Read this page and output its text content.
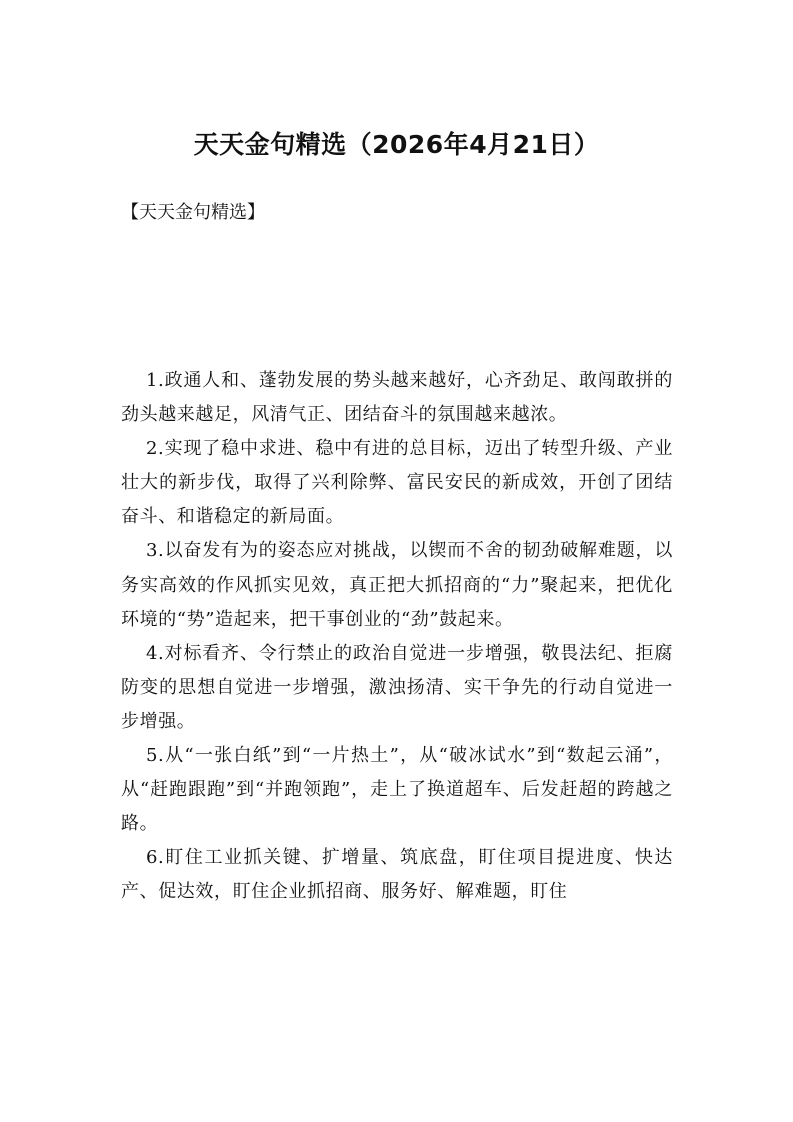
天天金句精选（2026年4月21日）
【天天金句精选】

1.政通人和、蓬勃发展的势头越来越好，心齐劲足、敢闯敢拼的劲头越来越足，风清气正、团结奋斗的氛围越来越浓。

2.实现了稳中求进、稳中有进的总目标，迈出了转型升级、产业壮大的新步伐，取得了兴利除弊、富民安民的新成效，开创了团结奋斗、和谐稳定的新局面。

3.以奋发有为的姿态应对挑战，以锲而不舍的韧劲破解难题，以务实高效的作风抓实见效，真正把大抓招商的“力”聚起来，把优化环境的“势”造起来，把干事创业的“劲”鼓起来。

4.对标看齐、令行禁止的政治自觉进一步增强，敬畏法纪、拒腐防变的思想自觉进一步增强，激浊扬清、实干争先的行动自觉进一步增强。

5.从“一张白纸”到“一片热土”，从“破冰试水”到“数起云涌”，从“赶跑跟跑”到“并跑领跑”，走上了换道超车、后发赶超的跨越之路。

6.盯住工业抓关键、扩增量、筑底盘，盯住项目提进度、快达产、促达效，盯住企业抓招商、服务好、解难题，盯住
